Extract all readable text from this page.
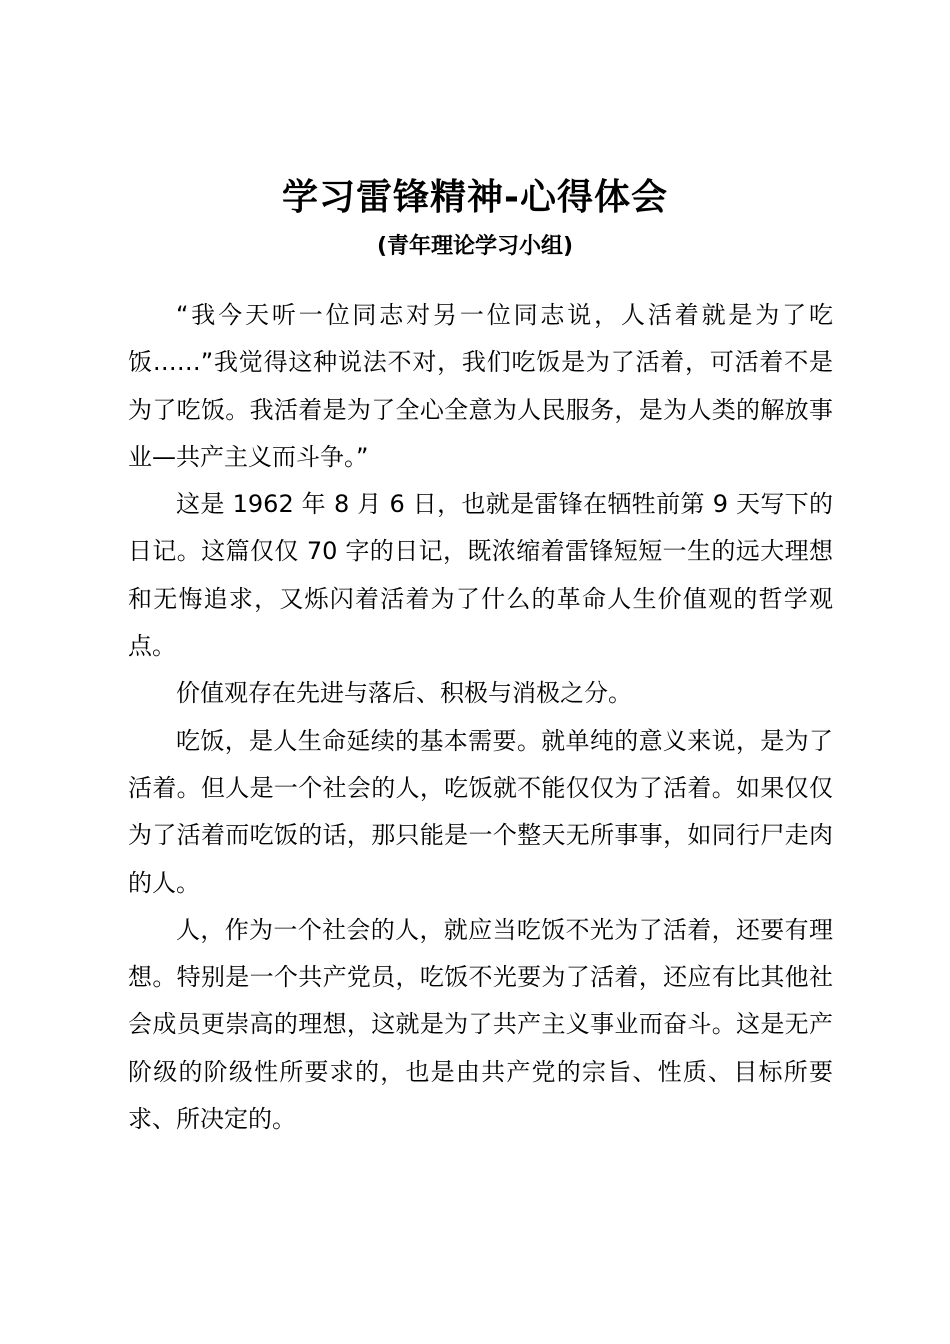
学习雷锋精神-心得体会
(青年理论学习小组)

“我今天听一位同志对另一位同志说，人活着就是为了吃 饭……”我觉得这种说法不对，我们吃饭是为了活着，可活着不是为了吃饭。我活着是为了全心全意为人民服务，是为人类的解放事业—共产主义而斗争。”

这是 1962 年 8 月 6 日，也就是雷锋在牺牲前第 9 天写下的日记。这篇仅仅 70 字的日记，既浓缩着雷锋短短一生的远大理想和无悔追求，又烁闪着活着为了什么的革命人生价值观的哲学观点。

价值观存在先进与落后、积极与消极之分。

吃饭，是人生命延续的基本需要。就单纯的意义来说，是为了活着。但人是一个社会的人，吃饭就不能仅仅为了活着。如果仅仅为了活着而吃饭的话，那只能是一个整天无所事事，如同行尸走肉的人。

人，作为一个社会的人，就应当吃饭不光为了活着，还要有理想。特别是一个共产党员，吃饭不光要为了活着，还应有比其他社会成员更崇高的理想，这就是为了共产主义事业而奋斗。这是无产阶级的阶级性所要求的，也是由共产党的宗旨、性质、目标所要求、所决定的。
